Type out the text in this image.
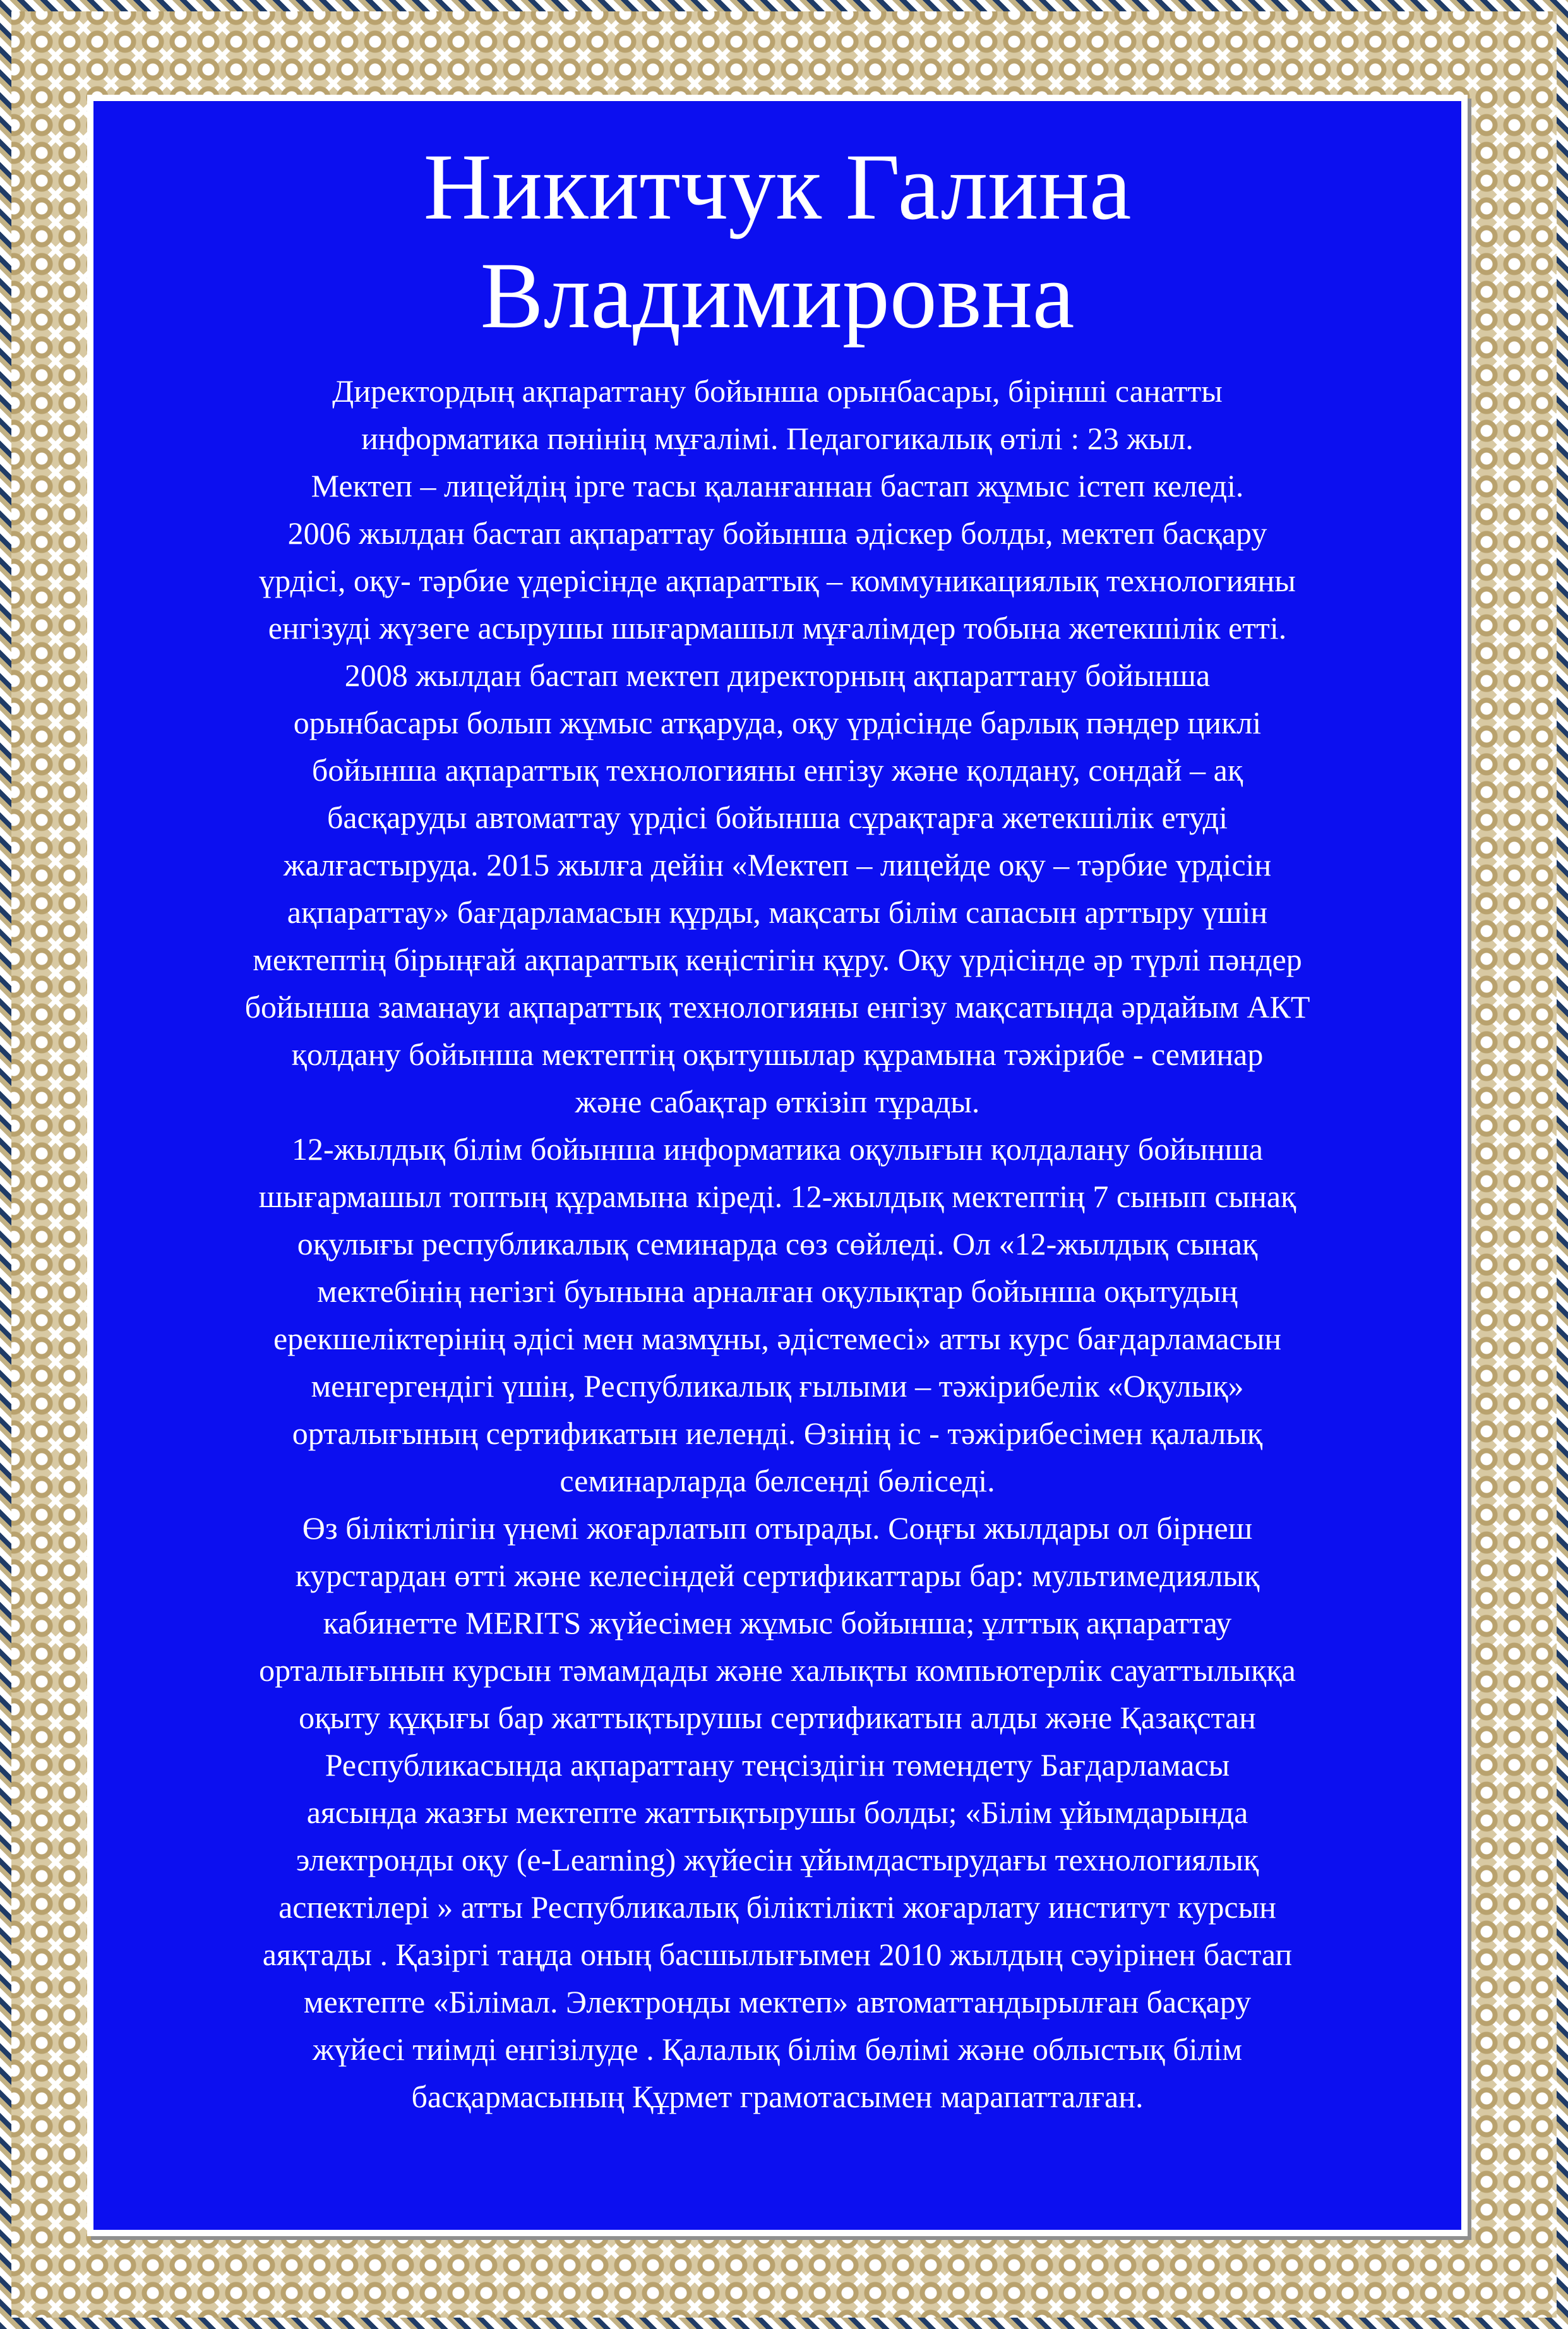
Никитчук Галина
Владимировна
Директордың ақпараттану бойынша орынбасары, бірінші санатты
информатика пәнінің мұғалімі. Педагогикалық өтілі : 23 жыл.
Мектеп – лицейдің ірге тасы қаланғаннан бастап жұмыс істеп келеді.
2006 жылдан бастап ақпараттау бойынша әдіскер болды, мектеп басқару
үрдісі, оқу- тәрбие үдерісінде ақпараттық – коммуникациялық технологияны
енгізуді жүзеге асырушы шығармашыл мұғалімдер тобына жетекшілік етті.
2008 жылдан бастап мектеп директорның ақпараттану бойынша
орынбасары болып жұмыс атқаруда, оқу үрдісінде барлық пәндер циклі
бойынша ақпараттық технологияны енгізу және қолдану, сондай – ақ
басқаруды автоматтау үрдісі бойынша сұрақтарға жетекшілік етуді
жалғастыруда. 2015 жылға дейін «Мектеп – лицейде оқу – тәрбие үрдісін
ақпараттау» бағдарламасын құрды, мақсаты білім сапасын арттыру үшін
мектептің бірыңғай ақпараттық кеңістігін құру. Оқу үрдісінде әр түрлі пәндер
бойынша заманауи ақпараттық технологияны енгізу мақсатында әрдайым АКТ
қолдану бойынша мектептің оқытушылар құрамына тәжірибе - семинар
және сабақтар өткізіп тұрады.
12-жылдық білім бойынша информатика оқулығын қолдалану бойынша
шығармашыл топтың құрамына кіреді. 12-жылдық мектептің 7 сынып сынақ
оқулығы республикалық семинарда сөз сөйледі. Ол «12-жылдық сынақ
мектебінің негізгі буынына арналған оқулықтар бойынша оқытудың
ерекшеліктерінің әдісі мен мазмұны, әдістемесі» атты курс бағдарламасын
менгергендігі үшін, Республикалық ғылыми – тәжірибелік «Оқулық»
орталығының сертификатын иеленді. Өзінің іс - тәжірибесімен қалалық
семинарларда белсенді бөліседі.
Өз біліктілігін үнемі жоғарлатып отырады. Соңғы жылдары ол бірнеш
курстардан өтті және келесіндей сертификаттары бар: мультимедиялық
кабинетте MERITS жүйесімен жұмыс бойынша; ұлттық ақпараттау
орталығынын курсын тәмамдады және халықты компьютерлік сауаттылыққа
оқыту құқығы бар жаттықтырушы сертификатын алды және Қазақстан
Республикасында ақпараттану теңсіздігін төмендету Бағдарламасы
аясында жазғы мектепте жаттықтырушы болды; «Білім ұйымдарында
электронды оқу (e-Learning) жүйесін ұйымдастырудағы технологиялық
аспектілері » атты Республикалық біліктілікті жоғарлату институт курсын
аяқтады . Қазіргі таңда оның басшылығымен 2010 жылдың сәуірінен бастап
мектепте «Білімал. Электронды мектеп» автоматтандырылған басқару
жүйесі тиімді енгізілуде . Қалалық білім бөлімі және облыстық білім
басқармасының Құрмет грамотасымен марапатталған.
